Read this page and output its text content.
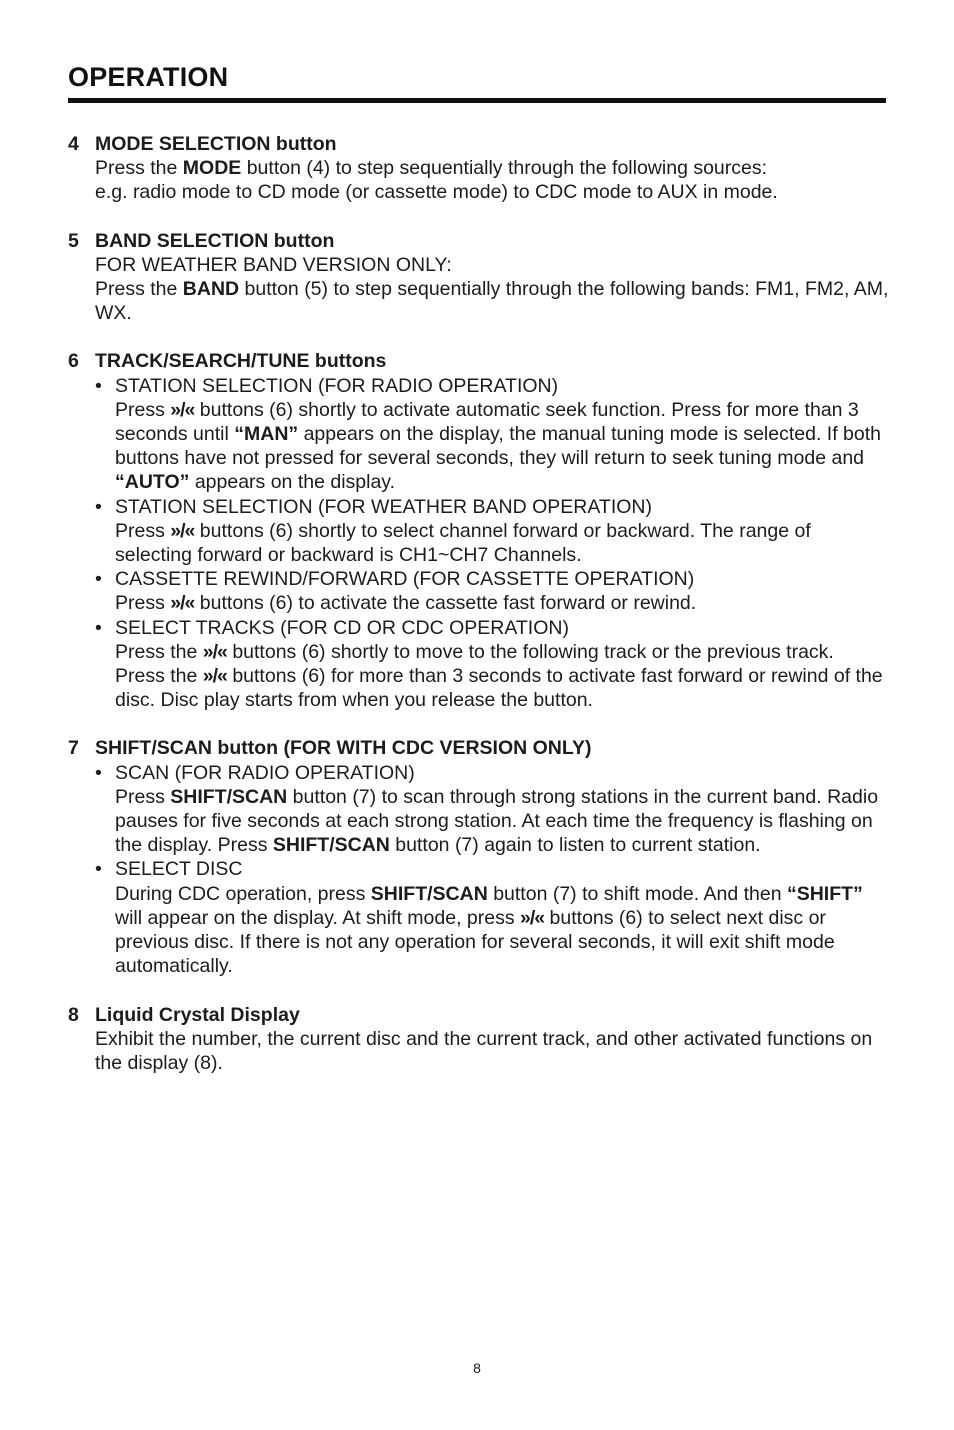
OPERATION
4 MODE SELECTION button
Press the MODE button (4) to step sequentially through the following sources:
e.g. radio mode to CD mode (or cassette mode) to CDC mode to AUX in mode.
5 BAND SELECTION button
FOR WEATHER BAND VERSION ONLY:
Press the BAND button (5) to step sequentially through the following bands: FM1, FM2, AM, WX.
6 TRACK/SEARCH/TUNE buttons
• STATION SELECTION (FOR RADIO OPERATION)
Press »/« buttons (6) shortly to activate automatic seek function. Press for more than 3 seconds until “MAN” appears on the display, the manual tuning mode is selected. If both buttons have not pressed for several seconds, they will return to seek tuning mode and “AUTO” appears on the display.
• STATION SELECTION (FOR WEATHER BAND OPERATION)
Press »/« buttons (6) shortly to select channel forward or backward. The range of selecting forward or backward is CH1~CH7 Channels.
• CASSETTE REWIND/FORWARD (FOR CASSETTE OPERATION)
Press »/« buttons (6) to activate the cassette fast forward or rewind.
• SELECT TRACKS (FOR CD OR CDC OPERATION)
Press the »/« buttons (6) shortly to move to the following track or the previous track.
Press the »/« buttons (6) for more than 3 seconds to activate fast forward or rewind of the disc. Disc play starts from when you release the button.
7 SHIFT/SCAN button (FOR WITH CDC VERSION ONLY)
• SCAN (FOR RADIO OPERATION)
Press SHIFT/SCAN button (7) to scan through strong stations in the current band. Radio pauses for five seconds at each strong station. At each time the frequency is flashing on the display. Press SHIFT/SCAN button (7) again to listen to current station.
• SELECT DISC
During CDC operation, press SHIFT/SCAN button (7) to shift mode. And then “SHIFT” will appear on the display. At shift mode, press »/« buttons (6) to select next disc or previous disc. If there is not any operation for several seconds, it will exit shift mode automatically.
8 Liquid Crystal Display
Exhibit the number, the current disc and the current track, and other activated functions on the display (8).
8
